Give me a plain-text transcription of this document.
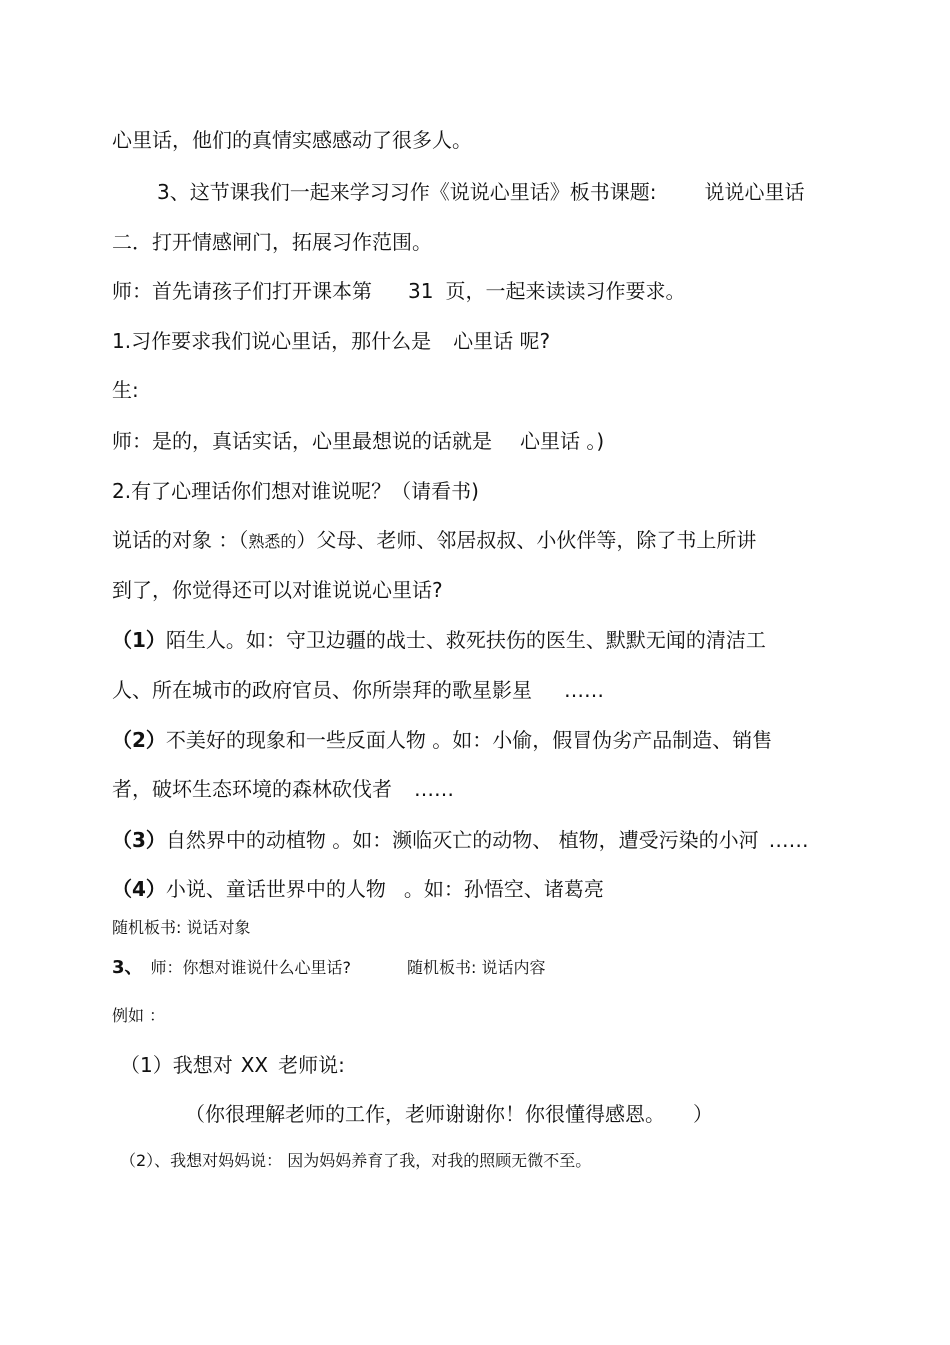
心里话，他们的真情实感感动了很多人。
3、这节课我们一起来学习习作《说说心里话》板书课题: 说说心里话
二．打开情感闸门，拓展习作范围。
师：首先请孩子们打开课本第 31 页，一起来读读习作要求。
1.习作要求我们说心里话，那什么是 心里话 呢?
生:
师：是的，真话实话，心里最想说的话就是 心里话 。)
2.有了心理话你们想对谁说呢？（请看书)
说话的对象 ：（熟悉的）父母、老师、邻居叔叔、小伙伴等，除了书上所讲
到了，你觉得还可以对谁说说心里话?
（1）陌生人。如：守卫边疆的战士、救死扶伤的医生、默默无闻的清洁工
人、所在城市的政府官员、你所崇拜的歌星影星 ……
（2）不美好的现象和一些反面人物 。如：小偷，假冒伪劣产品制造、销售
者，破坏生态环境的森林砍伐者 ……
（3）自然界中的动植物 。如：濒临灭亡的动物、 植物，遭受污染的小河 ……
（4）小说、童话世界中的人物 。如：孙悟空、诸葛亮
随机板书: 说话对象
3、 师：你想对谁说什么心里话?	随机板书: 说话内容
例如 ：
（1）我想对 XX 老师说:
（你很理解老师的工作，老师谢谢你！你很懂得感恩。 ）
（2）、我想对妈妈说： 因为妈妈养育了我，对我的照顾无微不至。
